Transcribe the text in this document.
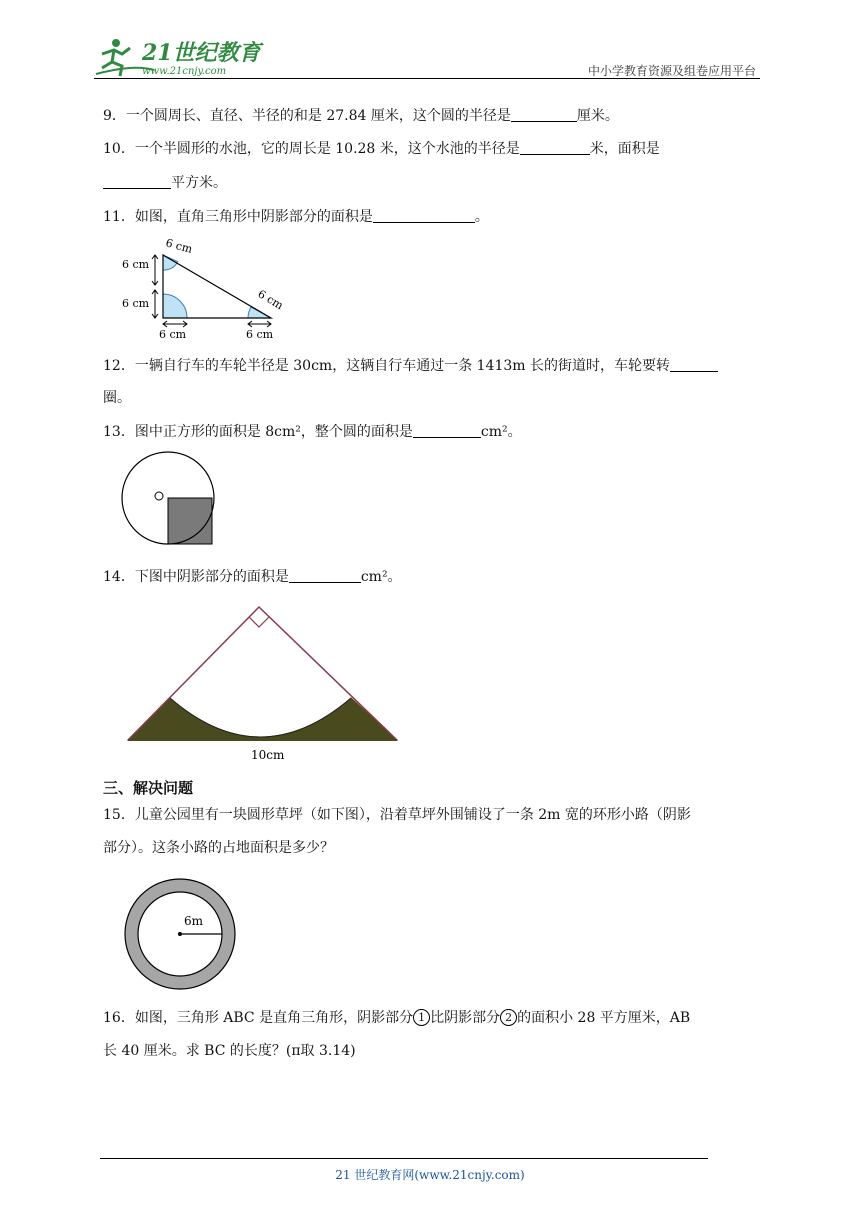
21世纪教育
www.21cnjy.com	中小学教育资源及组卷应用平台
9．一个圆周长、直径、半径的和是 27.84 厘米，这个圆的半径是	厘米。
10．一个半圆形的水池，它的周长是 10.28 米，这个水池的半径是	米，面积是
平方米。
11．如图，直角三角形中阴影部分的面积是	。
6 cm
6 cm
6 cm
6 cm	6 cm
6 cm
12．一辆自行车的车轮半径是 30cm，这辆自行车通过一条 1413m 长的街道时，车轮要转
圈。
13．图中正方形的面积是 8cm²，整个圆的面积是	cm²。
14．下图中阴影部分的面积是	cm²。
10cm
三、解决问题
15．儿童公园里有一块圆形草坪（如下图），沿着草坪外围铺设了一条 2m 宽的环形小路（阴影
部分）。这条小路的占地面积是多少？
6m
16．如图，三角形 ABC 是直角三角形，阴影部分 1 比阴影部分 2 的面积小 28 平方厘米，AB
长 40 厘米。求 BC 的长度？(π取 3.14)
21 世纪教育网(www.21cnjy.com)
